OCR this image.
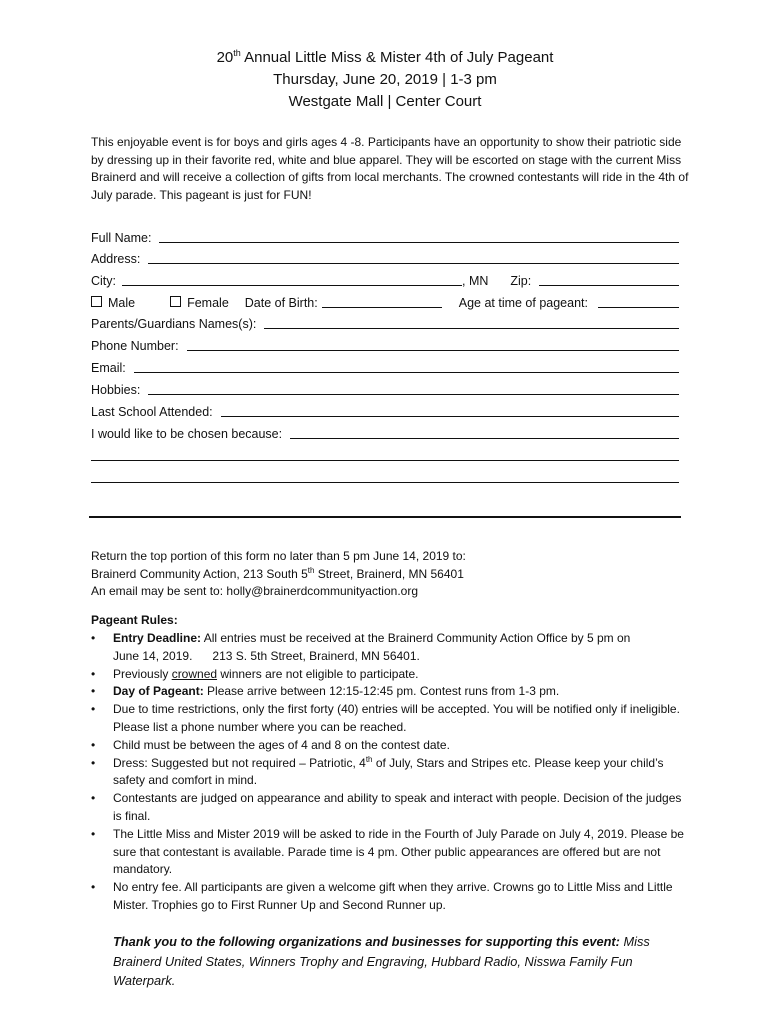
20th Annual Little Miss & Mister 4th of July Pageant
Thursday, June 20, 2019 | 1-3 pm
Westgate Mall | Center Court
This enjoyable event is for boys and girls ages 4 -8. Participants have an opportunity to show their patriotic side by dressing up in their favorite red, white and blue apparel. They will be escorted on stage with the current Miss Brainerd and will receive a collection of gifts from local merchants. The crowned contestants will ride in the 4th of July parade. This pageant is just for FUN!
Full Name:
Address:
City:	, MN Zip:
Male	Female Date of Birth:	Age at time of pageant:
Parents/Guardians Names(s):
Phone Number:
Email:
Hobbies:
Last School Attended:
I would like to be chosen because:
Return the top portion of this form no later than 5 pm June 14, 2019 to:
Brainerd Community Action, 213 South 5th Street, Brainerd, MN 56401
An email may be sent to: holly@brainerdcommunityaction.org
Pageant Rules:
• Entry Deadline: All entries must be received at the Brainerd Community Action Office by 5 pm on
June 14, 2019.      213 S. 5th Street, Brainerd, MN 56401.
• Previously crowned winners are not eligible to participate.
• Day of Pageant: Please arrive between 12:15-12:45 pm. Contest runs from 1-3 pm.
• Due to time restrictions, only the first forty (40) entries will be accepted. You will be notified only if ineligible. Please list a phone number where you can be reached.
• Child must be between the ages of 4 and 8 on the contest date.
• Dress: Suggested but not required – Patriotic, 4th of July, Stars and Stripes etc. Please keep your child’s safety and comfort in mind.
• Contestants are judged on appearance and ability to speak and interact with people. Decision of the judges is final.
• The Little Miss and Mister 2019 will be asked to ride in the Fourth of July Parade on July 4, 2019. Please be sure that contestant is available. Parade time is 4 pm. Other public appearances are offered but are not mandatory.
• No entry fee. All participants are given a welcome gift when they arrive. Crowns go to Little Miss and Little Mister. Trophies go to First Runner Up and Second Runner up.
Thank you to the following organizations and businesses for supporting this event: Miss Brainerd United States, Winners Trophy and Engraving, Hubbard Radio, Nisswa Family Fun Waterpark.
